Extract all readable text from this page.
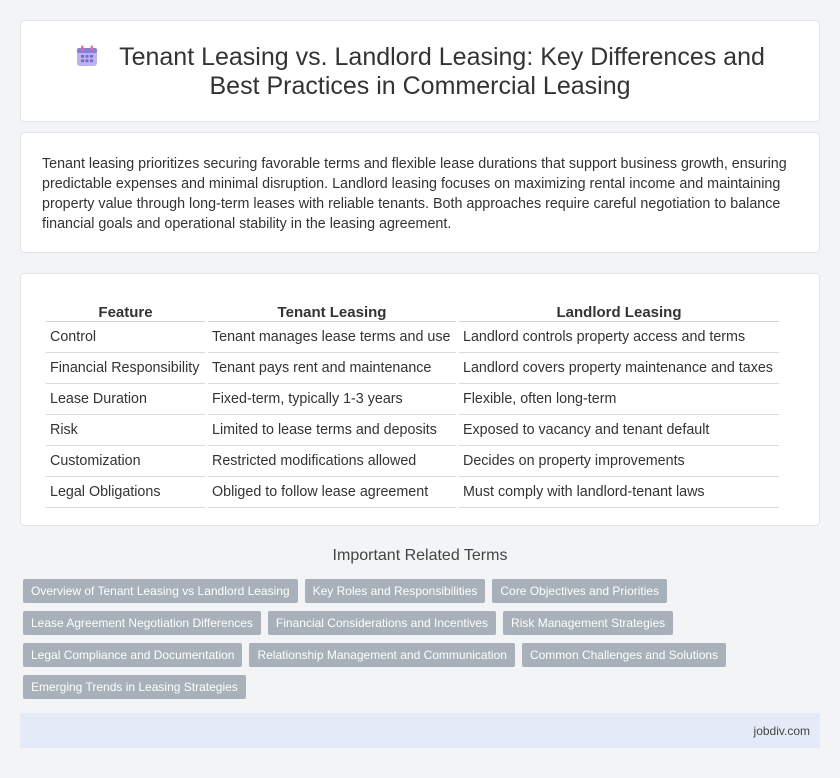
Tenant Leasing vs. Landlord Leasing: Key Differences and Best Practices in Commercial Leasing

Tenant leasing prioritizes securing favorable terms and flexible lease durations that support business growth, ensuring predictable expenses and minimal disruption. Landlord leasing focuses on maximizing rental income and maintaining property value through long-term leases with reliable tenants. Both approaches require careful negotiation to balance financial goals and operational stability in the leasing agreement.

Feature	Tenant Leasing	Landlord Leasing
Control	Tenant manages lease terms and use	Landlord controls property access and terms
Financial Responsibility	Tenant pays rent and maintenance	Landlord covers property maintenance and taxes
Lease Duration	Fixed-term, typically 1-3 years	Flexible, often long-term
Risk	Limited to lease terms and deposits	Exposed to vacancy and tenant default
Customization	Restricted modifications allowed	Decides on property improvements
Legal Obligations	Obliged to follow lease agreement	Must comply with landlord-tenant laws
Important Related Terms
Overview of Tenant Leasing vs Landlord Leasing	Key Roles and Responsibilities	Core Objectives and Priorities
Lease Agreement Negotiation Differences	Financial Considerations and Incentives	Risk Management Strategies
Legal Compliance and Documentation	Relationship Management and Communication	Common Challenges and Solutions
Emerging Trends in Leasing Strategies
jobdiv.com
